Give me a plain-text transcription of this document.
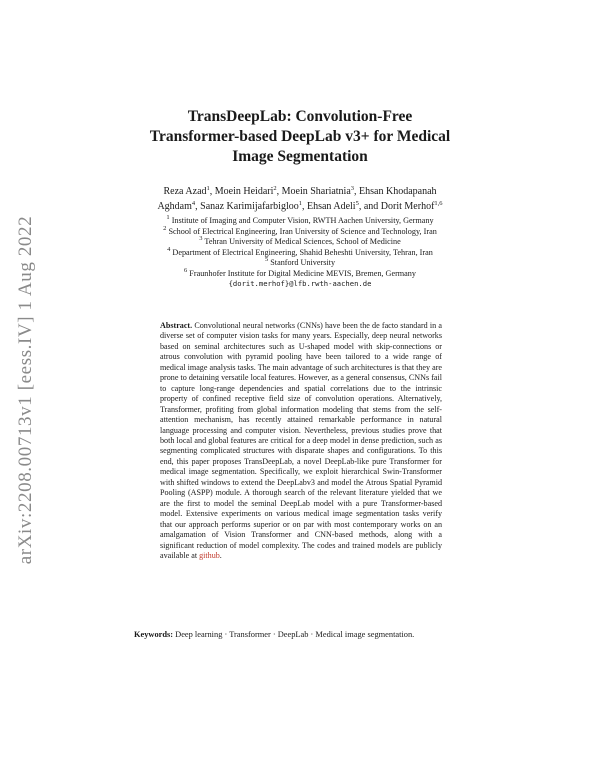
arXiv:2208.00713v1 [eess.IV] 1 Aug 2022
TransDeepLab: Convolution-Free
Transformer-based DeepLab v3+ for Medical
Image Segmentation
Reza Azad$^1$, Moein Heidari$^2$, Moein Shariatnia$^3$, Ehsan Khodapanah
Aghdam$^4$, Sanaz Karimijafarbigloo$^1$, Ehsan Adeli$^5$, and Dorit Merhof$^{1,6}$
$^1$ Institute of Imaging and Computer Vision, RWTH Aachen University, Germany
$^2$ School of Electrical Engineering, Iran University of Science and Technology, Iran
$^3$ Tehran University of Medical Sciences, School of Medicine
$^4$ Department of Electrical Engineering, Shahid Beheshti University, Tehran, Iran
$^5$ Stanford University
$^6$ Fraunhofer Institute for Digital Medicine MEVIS, Bremen, Germany
{dorit.merhof}@lfb.rwth-aachen.de
Abstract. Convolutional neural networks (CNNs) have been the de facto standard in a diverse set of computer vision tasks for many years. Especially, deep neural networks based on seminal architectures such as U-shaped model with skip-connections or atrous convolution with pyramid pooling have been tailored to a wide range of medical image analysis tasks. The main advantage of such architectures is that they are prone to detaining versatile local features. However, as a general consensus, CNNs fail to capture long-range dependencies and spatial correlations due to the intrinsic property of confined receptive field size of convolution operations. Alternatively, Transformer, profiting from global information modeling that stems from the self-attention mechanism, has recently attained remarkable performance in natural language processing and computer vision. Nevertheless, previous studies prove that both local and global features are critical for a deep model in dense prediction, such as segmenting complicated structures with disparate shapes and configurations. To this end, this paper proposes TransDeepLab, a novel DeepLab-like pure Transformer for medical image segmentation. Specifically, we exploit hierarchical Swin-Transformer with shifted windows to extend the DeepLabv3 and model the Atrous Spatial Pyramid Pooling (ASPP) module. A thorough search of the relevant literature yielded that we are the first to model the seminal DeepLab model with a pure Transformer-based model. Extensive experiments on various medical image segmentation tasks verify that our approach performs superior or on par with most contemporary works on an amalgamation of Vision Transformer and CNN-based methods, along with a significant reduction of model complexity. The codes and trained models are publicly available at github.
Keywords: Deep learning · Transformer · DeepLab · Medical image segmentation.
